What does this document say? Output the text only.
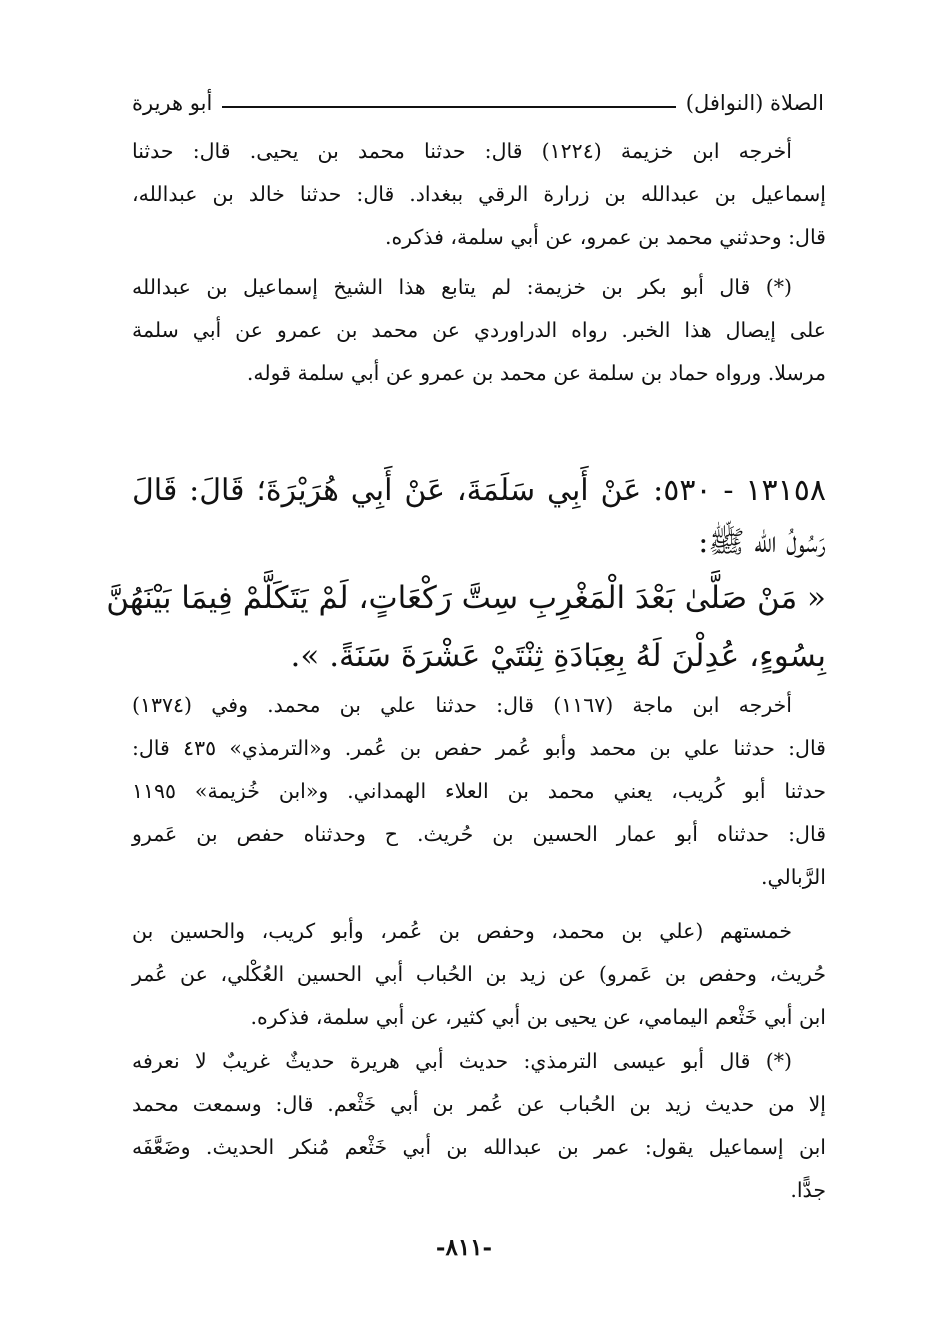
الصلاة (النوافل)
أبو هريرة
أخرجه ابن خزيمة (١٢٢٤) قال: حدثنا محمد بن يحيى. قال: حدثنا
إسماعيل بن عبدالله بن زرارة الرقي ببغداد. قال: حدثنا خالد بن عبدالله،
قال: وحدثني محمد بن عمرو، عن أبي سلمة، فذكره.
(*) قال أبو بكر بن خزيمة: لم يتابع هذا الشيخ إسماعيل بن عبدالله
على إيصال هذا الخبر. رواه الدراوردي عن محمد بن عمرو عن أبي سلمة
مرسلا. ورواه حماد بن سلمة عن محمد بن عمرو عن أبي سلمة قوله.
١٣١٥٨ - ٥٣٠: عَنْ أَبِي سَلَمَةَ، عَنْ أَبِي هُرَيْرَةَ؛ قَالَ: قَالَ
رَسُولُ الله ﷺ:
« مَنْ صَلَّىٰ بَعْدَ الْمَغْرِبِ سِتَّ رَكْعَاتٍ، لَمْ يَتَكَلَّمْ فِيمَا بَيْنَهُنَّ
بِسُوءٍ، عُدِلْنَ لَهُ بِعِبَادَةِ ثِنْتَيْ عَشْرَةَ سَنَةً. ».
أخرجه ابن ماجة (١١٦٧) قال: حدثنا علي بن محمد. وفي (١٣٧٤)
قال: حدثنا علي بن محمد وأبو عُمر حفص بن عُمر. و«الترمذي» ٤٣٥ قال:
حدثنا أبو كُريب، يعني محمد بن العلاء الهمداني. و«ابن خُزيمة» ١١٩٥
قال: حدثناه أبو عمار الحسين بن حُريث. ح وحدثناه حفص بن عَمرو
الرَّبالي.
خمستهم (علي بن محمد، وحفص بن عُمر، وأبو كريب، والحسين بن
حُريث، وحفص بن عَمرو) عن زيد بن الحُباب أبي الحسين العُكْلي، عن عُمر
ابن أبي خَثْعم اليمامي، عن يحيى بن أبي كثير، عن أبي سلمة، فذكره.
(*) قال أبو عيسى الترمذي: حديث أبي هريرة حديثٌ غريبٌ لا نعرفه
إلا من حديث زيد بن الحُباب عن عُمر بن أبي خَثْعم. قال: وسمعت محمد
ابن إسماعيل يقول: عمر بن عبدالله بن أبي خَثْعم مُنكر الحديث. وضَعَّفَه
جدًّا.
-٨١١-
